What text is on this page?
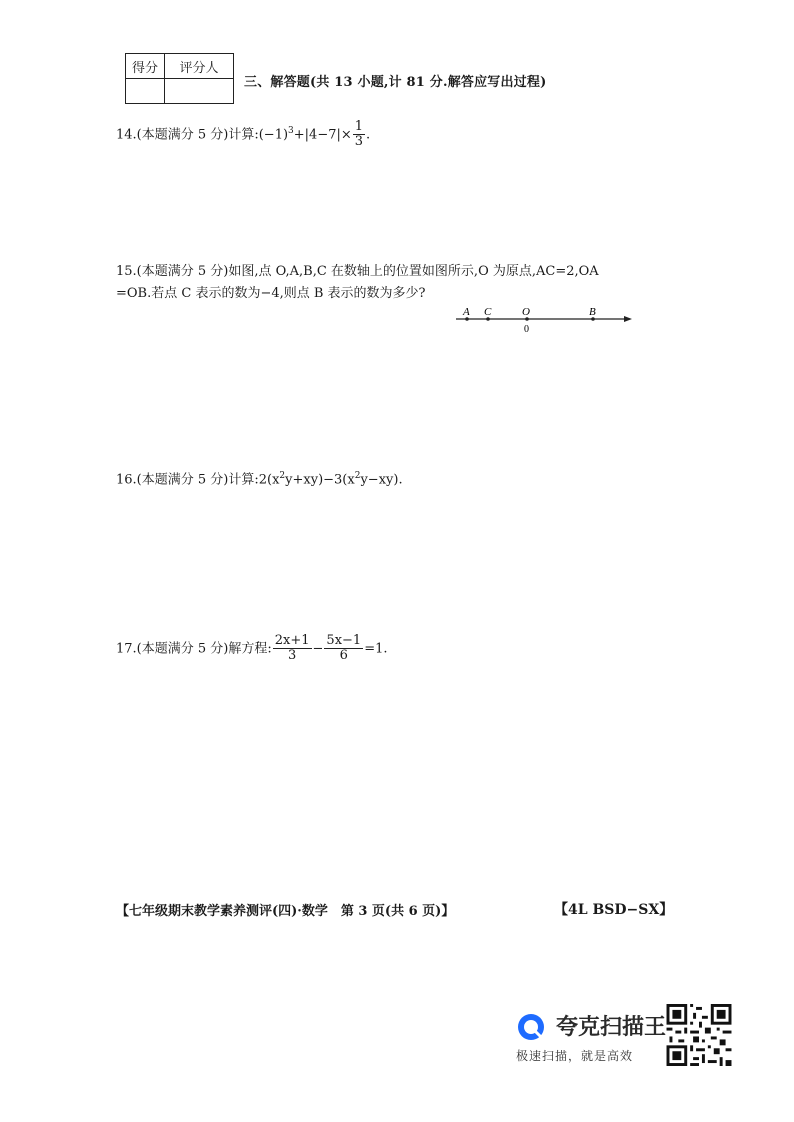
得分	评分人

三、解答题(共 13 小题,计 81 分.解答应写出过程)
14.(本题满分 5 分)计算$:(-1)^3+|4-7|\times \frac{1}{3}$ .
15.(本题满分 5 分)如图,点 O,A,B,C 在数轴上的位置如图所示,O 为原点,AC=2,OA
=OB.若点 C 表示的数为−4,则点 B 表示的数为多少?
A C	O	B
0
16.(本题满分 5 分)计算$:2(x^2y+xy)-3(x^2y-xy)$.
17.(本题满分 5 分)解方程: $\frac{2x+1}{3} - \frac{5x-1}{6} =1$.
【七年级期末教学素养测评(四)·数学　第 3 页(共 6 页)】	【4L BSD−SX】
夸克扫描王
极速扫描，就是高效
